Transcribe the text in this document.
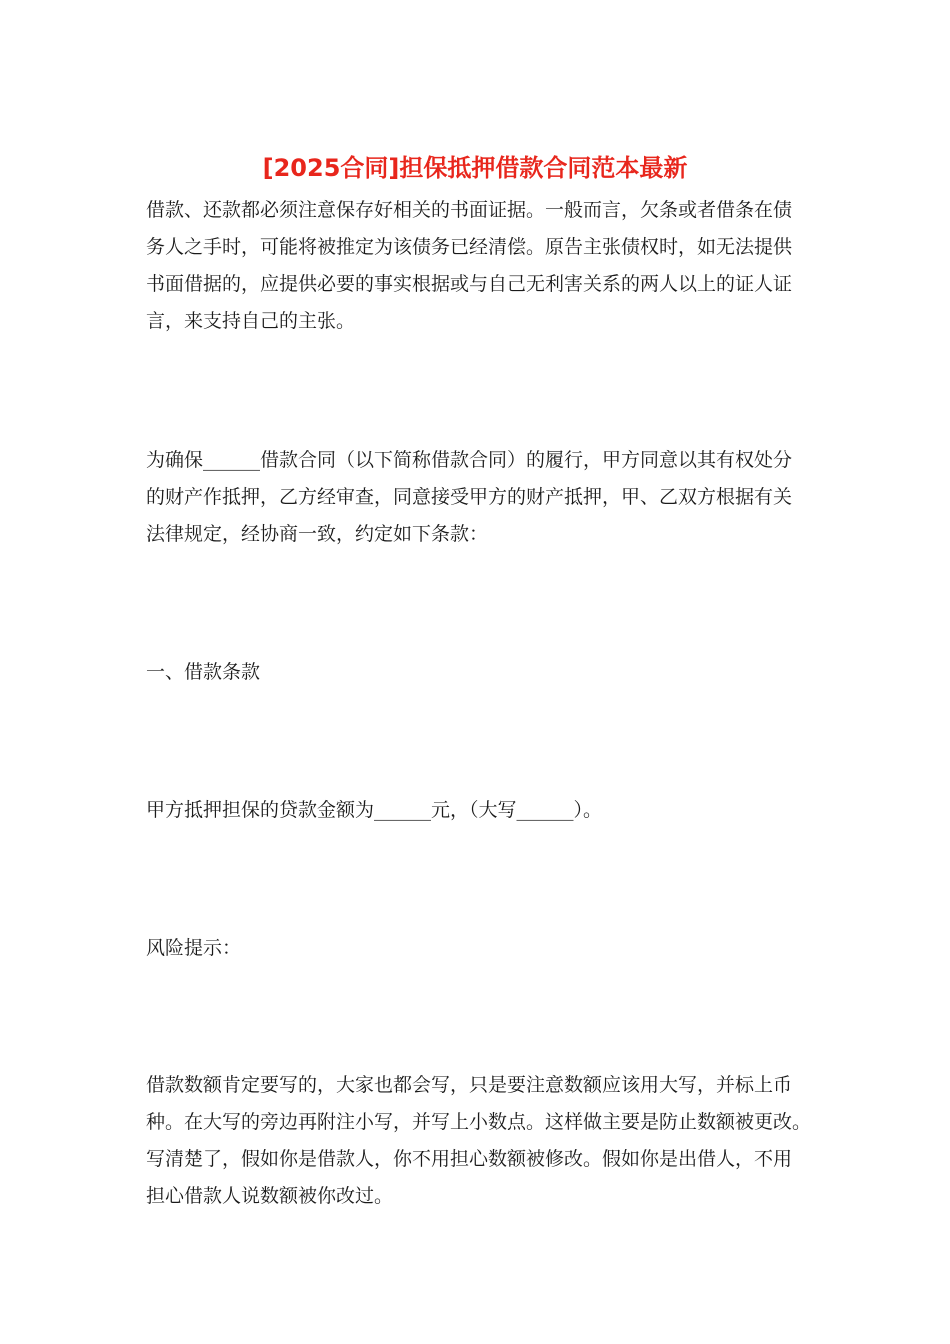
[2025合同]担保抵押借款合同范本最新

借款、还款都必须注意保存好相关的书面证据。一般而言，欠条或者借条在债
务人之手时，可能将被推定为该债务已经清偿。原告主张债权时，如无法提供
书面借据的，应提供必要的事实根据或与自己无利害关系的两人以上的证人证
言，来支持自己的主张。

为确保______借款合同（以下简称借款合同）的履行，甲方同意以其有权处分
的财产作抵押，乙方经审查，同意接受甲方的财产抵押，甲、乙双方根据有关
法律规定，经协商一致，约定如下条款：

一、借款条款

甲方抵押担保的贷款金额为______元，（大写______）。

风险提示：

借款数额肯定要写的，大家也都会写，只是要注意数额应该用大写，并标上币
种。在大写的旁边再附注小写，并写上小数点。这样做主要是防止数额被更改。
写清楚了，假如你是借款人，你不用担心数额被修改。假如你是出借人，不用
担心借款人说数额被你改过。
